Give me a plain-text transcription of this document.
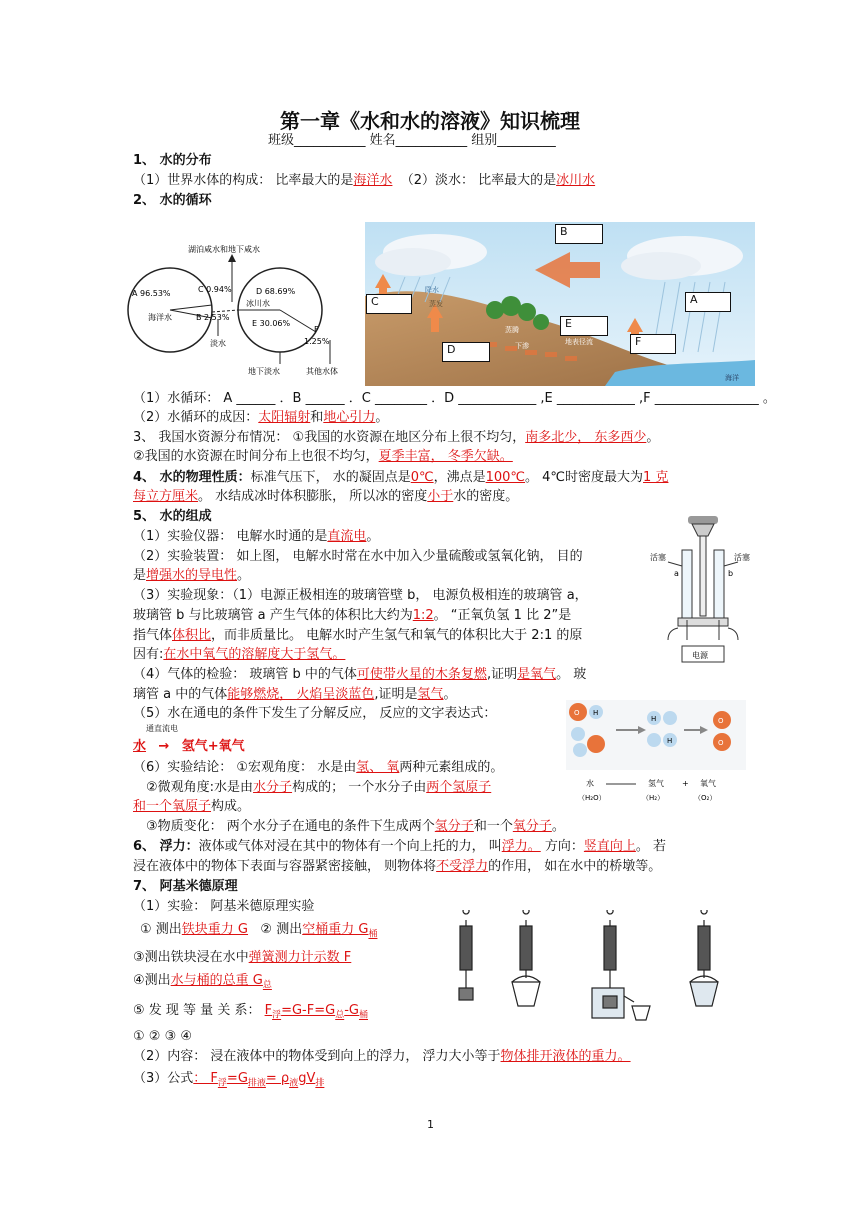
第一章《水和水的溶液》知识梳理
班级___________ 姓名___________ 组别_________
1、 水的分布
（1）世界水体的构成： 比率最大的是海洋水 （2）淡水： 比率最大的是冰川水
2、 水的循环
湖泊咸水和地下咸水
A 96.53%	C 0.94%
B 2.53%
海洋水
淡水
D 68.69%
冰川水
E 30.06%
F
1.25%
地下淡水	其他水体
降水
蒸发
蒸腾
下渗	地表径流
海洋
B
C	A
E
F
D
（1）水循环： A ______ ．B ______ ．C ________ ．D ____________ ,E ____________ ,F ________________ 。
（2）水循环的成因：太阳辐射和地心引力。
3、 我国水资源分布情况： ①我国的水资源在地区分布上很不均匀，南多北少， 东多西少。
②我国的水资源在时间分布上也很不均匀，夏季丰富， 冬季欠缺。
4、 水的物理性质：标准气压下， 水的凝固点是0℃，沸点是100℃。 4℃时密度最大为1 克
每立方厘米。 水结成冰时体积膨胀， 所以冰的密度小于水的密度。
5、 水的组成
（1）实验仪器： 电解水时通的是直流电。
（2）实验装置： 如上图， 电解水时常在水中加入少量硫酸或氢氧化钠， 目的
是增强水的导电性。
（3）实验现象：（1）电源正极相连的玻璃管壁 b， 电源负极相连的玻璃管 a，
玻璃管 b 与比玻璃管 a 产生气体的体积比大约为1:2。 “正氧负氢 1 比 2”是
指气体体积比，而非质量比。 电解水时产生氢气和氧气的体积比大于 2:1 的原
因有:在水中氧气的溶解度大于氢气。
（4）气体的检验： 玻璃管 b 中的气体可使带火星的木条复燃,证明是氧气。 玻
璃管 a 中的气体能够燃烧， 火焰呈淡蓝色,证明是氢气。
（5）水在通电的条件下发生了分解反应， 反应的文字表达式：
通直流电
水 → 氢气+氧气
（6）实验结论： ①宏观角度： 水是由氢、 氧两种元素组成的。
②微观角度:水是由水分子构成的； 一个水分子由两个氢原子
和一个氧原子构成。
③物质变化： 两个水分子在通电的条件下生成两个氢分子和一个氧分子。
活塞	活塞
a	b
电源
O H
H
H
O
O
水
（H₂O）
氢气
（H₂）
+ 氧气
（O₂）
6、 浮力：液体或气体对浸在其中的物体有一个向上托的力， 叫浮力。 方向：竖直向上。 若
浸在液体中的物体下表面与容器紧密接触， 则物体将不受浮力的作用， 如在水中的桥墩等。
7、 阿基米德原理
（1）实验： 阿基米德原理实验
① 测出铁块重力 G ② 测出空桶重力 $G_桶$
③测出铁块浸在水中弹簧测力计示数 F
④测出水与桶的总重 $G_总$
⑤ 发 现 等 量 关 系： $F_浮=G-F=G_总-G_桶$
① ② ③ ④
（2）内容： 浸在液体中的物体受到向上的浮力， 浮力大小等于物体排开液体的重力。
（3）公式： $F_浮=G_{排液}= \rho_液gV_排$
1
